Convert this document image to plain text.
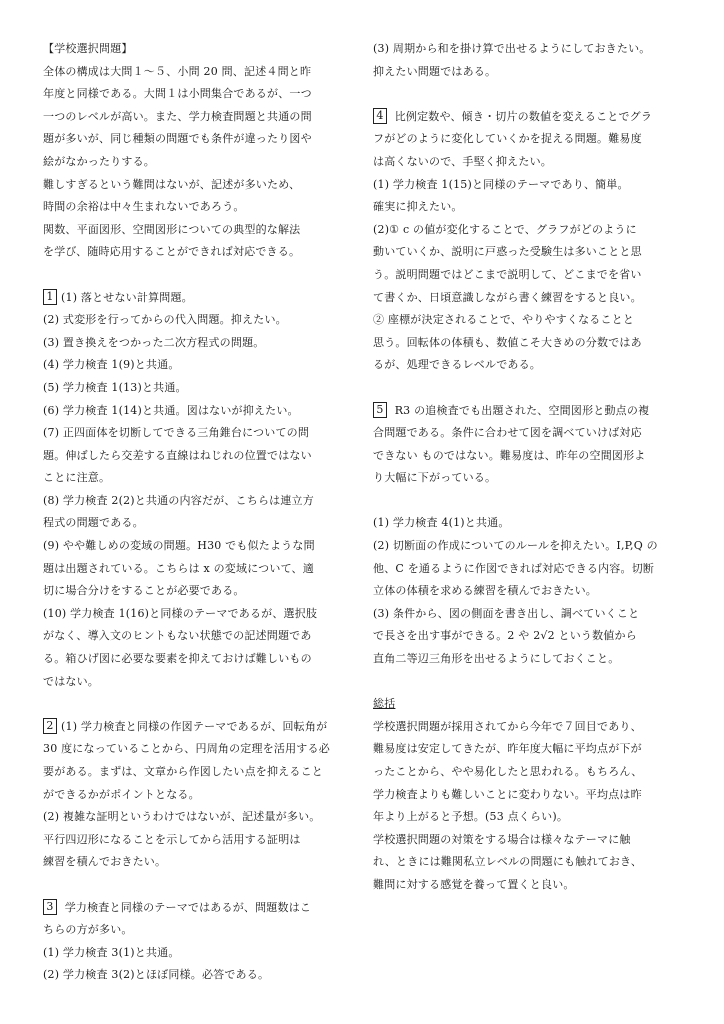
【学校選択問題】
全体の構成は大問１～５、小問 20 問、記述４問と昨
年度と同様である。大問１は小問集合であるが、一つ
一つのレベルが高い。また、学力検査問題と共通の問
題が多いが、同じ種類の問題でも条件が違ったり図や
絵がなかったりする。
難しすぎるという難問はないが、記述が多いため、
時間の余裕は中々生まれないであろう。
関数、平面図形、空間図形についての典型的な解法
を学び、随時応用することができれば対応できる。
1 (1) 落とせない計算問題。
(2) 式変形を行ってからの代入問題。抑えたい。
(3) 置き換えをつかった二次方程式の問題。
(4) 学力検査 1(9)と共通。
(5) 学力検査 1(13)と共通。
(6) 学力検査 1(14)と共通。図はないが抑えたい。
(7) 正四面体を切断してできる三角錐台についての問
題。伸ばしたら交差する直線はねじれの位置ではない
ことに注意。
(8) 学力検査 2(2)と共通の内容だが、こちらは連立方
程式の問題である。
(9) やや難しめの変域の問題。H30 でも似たような問
題は出題されている。こちらは x の変域について、適
切に場合分けをすることが必要である。
(10) 学力検査 1(16)と同様のテーマであるが、選択肢
がなく、導入文のヒントもない状態での記述問題であ
る。箱ひげ図に必要な要素を抑えておけば難しいもの
ではない。
2 (1) 学力検査と同様の作図テーマであるが、回転角が
30 度になっていることから、円周角の定理を活用する必
要がある。まずは、文章から作図したい点を抑えること
ができるかがポイントとなる。
(2) 複雑な証明というわけではないが、記述量が多い。
平行四辺形になることを示してから活用する証明は
練習を積んでおきたい。
3 学力検査と同様のテーマではあるが、問題数はこ
ちらの方が多い。
(1) 学力検査 3(1)と共通。
(2) 学力検査 3(2)とほぼ同様。必答である。
(3) 周期から和を掛け算で出せるようにしておきたい。
抑えたい問題ではある。
4 比例定数や、傾き・切片の数値を変えることでグラ
フがどのように変化していくかを捉える問題。難易度
は高くないので、手堅く抑えたい。
(1) 学力検査 1(15)と同様のテーマであり、簡単。
確実に抑えたい。
(2)① c の値が変化することで、グラフがどのように
動いていくか、説明に戸惑った受験生は多いことと思
う。説明問題ではどこまで説明して、どこまでを省い
て書くか、日頃意識しながら書く練習をすると良い。
② 座標が決定されることで、やりやすくなることと
思う。回転体の体積も、数値こそ大きめの分数ではあ
るが、処理できるレベルである。
5 R3 の追検査でも出題された、空間図形と動点の複
合問題である。条件に合わせて図を調べていけば対応
できない ものではない。難易度は、昨年の空間図形よ
り大幅に下がっている。
(1) 学力検査 4(1)と共通。
(2) 切断面の作成についてのルールを抑えたい。I,P,Q の
他、C を通るように作図できれば対応できる内容。切断
立体の体積を求める練習を積んでおきたい。
(3) 条件から、図の側面を書き出し、調べていくこと
で長さを出す事ができる。2 や 2√2 という数値から
直角二等辺三角形を出せるようにしておくこと。
総括
学校選択問題が採用されてから今年で７回目であり、
難易度は安定してきたが、昨年度大幅に平均点が下が
ったことから、やや易化したと思われる。もちろん、
学力検査よりも難しいことに変わりない。平均点は昨
年より上がると予想。(53 点くらい)。
学校選択問題の対策をする場合は様々なテーマに触
れ、ときには難関私立レベルの問題にも触れておき、
難問に対する感覚を養って置くと良い。
